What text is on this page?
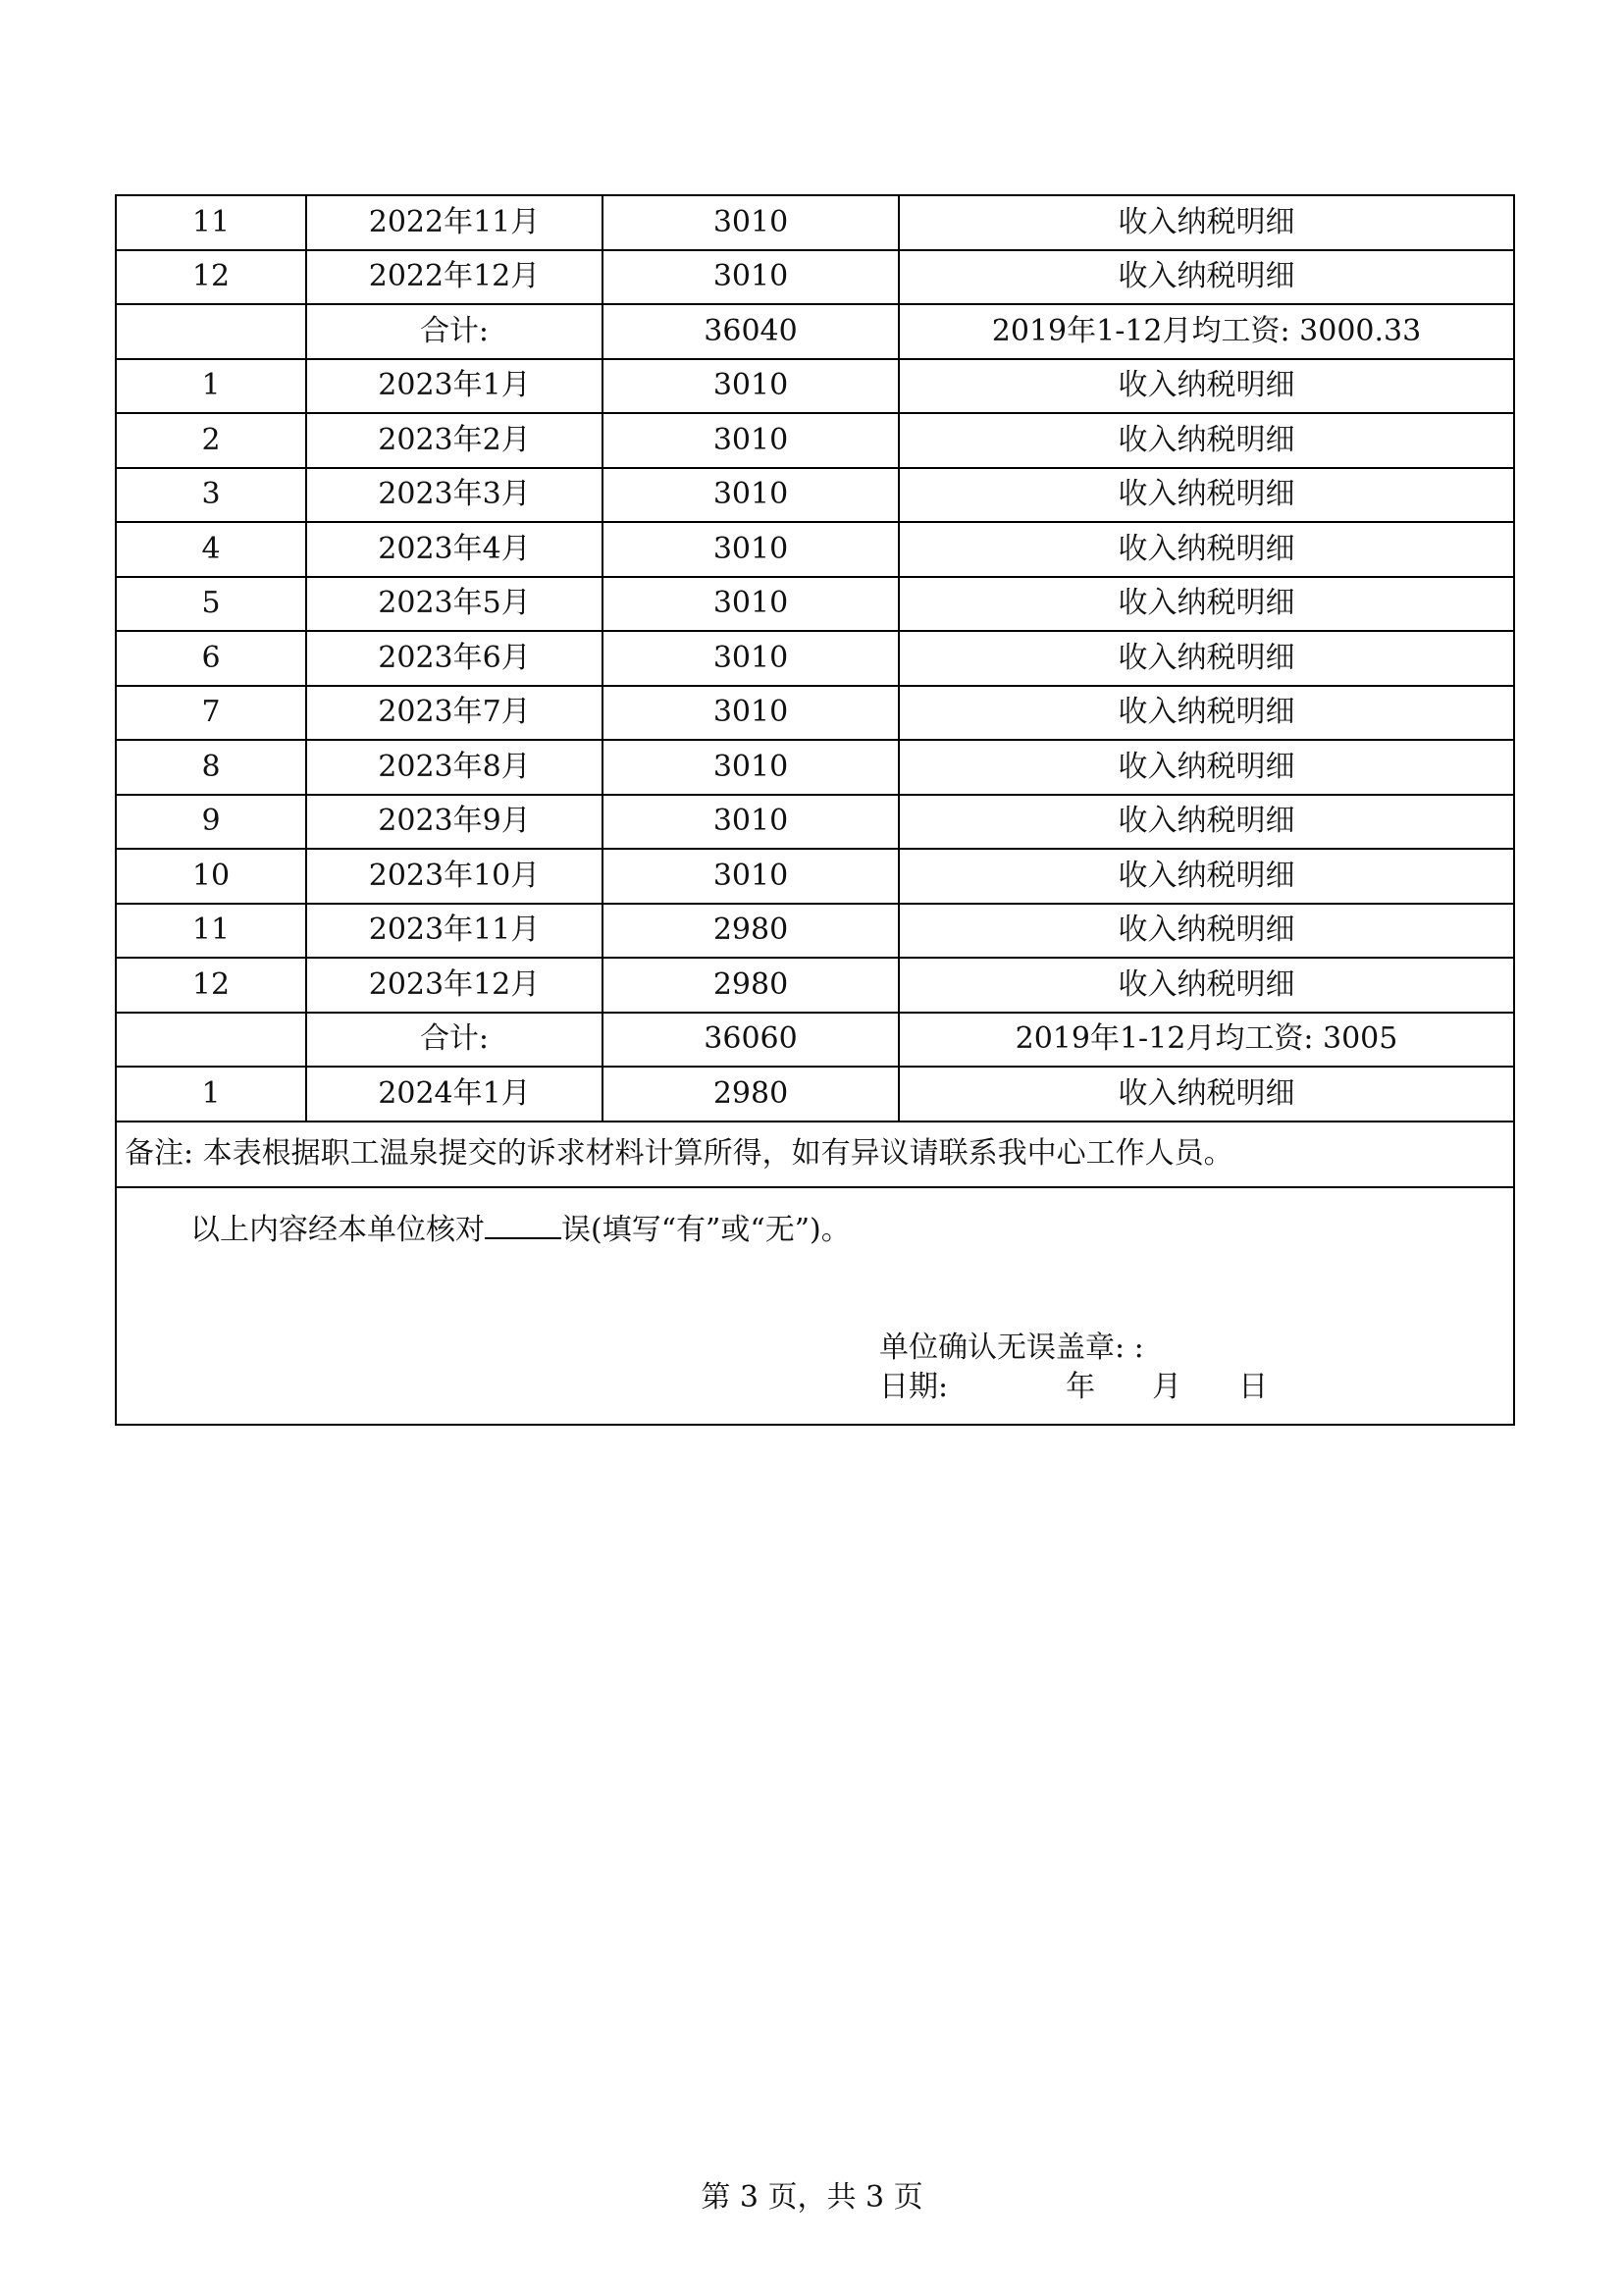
11	2022年11月	3010	收入纳税明细
12	2022年12月	3010	收入纳税明细
	合计:	36040	2019年1-12月均工资: 3000.33
1	2023年1月	3010	收入纳税明细
2	2023年2月	3010	收入纳税明细
3	2023年3月	3010	收入纳税明细
4	2023年4月	3010	收入纳税明细
5	2023年5月	3010	收入纳税明细
6	2023年6月	3010	收入纳税明细
7	2023年7月	3010	收入纳税明细
8	2023年8月	3010	收入纳税明细
9	2023年9月	3010	收入纳税明细
10	2023年10月	3010	收入纳税明细
11	2023年11月	2980	收入纳税明细
12	2023年12月	2980	收入纳税明细
	合计:	36060	2019年1-12月均工资: 3005
1	2024年1月	2980	收入纳税明细
备注: 本表根据职工温泉提交的诉求材料计算所得，如有异议请联系我中心工作人员。			

以上内容经本单位核对 误(填写“有”或“无”)。
单位确认无误盖章: :
日期: 年 月 日			
第 3 页，共 3 页
